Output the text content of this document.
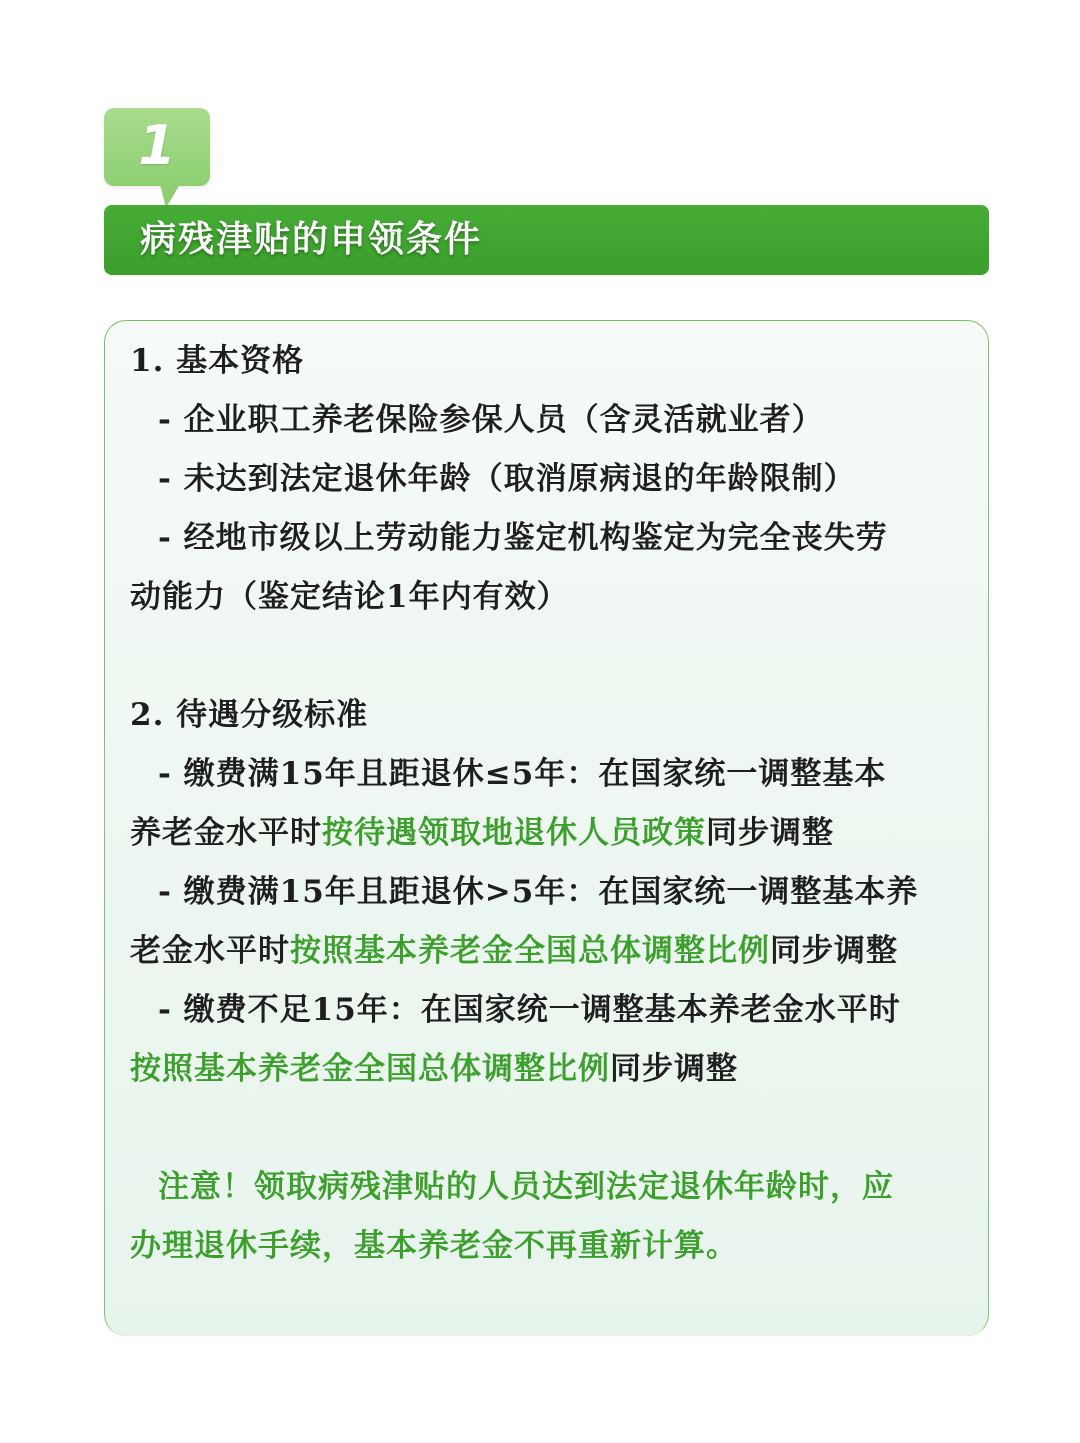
1
病残津贴的申领条件
1. 基本资格
- 企业职工养老保险参保人员（含灵活就业者）
- 未达到法定退休年龄（取消原病退的年龄限制）
- 经地市级以上劳动能力鉴定机构鉴定为完全丧失劳
动能力（鉴定结论1年内有效）
2. 待遇分级标准
- 缴费满15年且距退休≤5年：在国家统一调整基本
养老金水平时按待遇领取地退休人员政策同步调整
- 缴费满15年且距退休>5年：在国家统一调整基本养
老金水平时按照基本养老金全国总体调整比例同步调整
- 缴费不足15年：在国家统一调整基本养老金水平时
按照基本养老金全国总体调整比例同步调整
注意！领取病残津贴的人员达到法定退休年龄时，应
办理退休手续，基本养老金不再重新计算。
